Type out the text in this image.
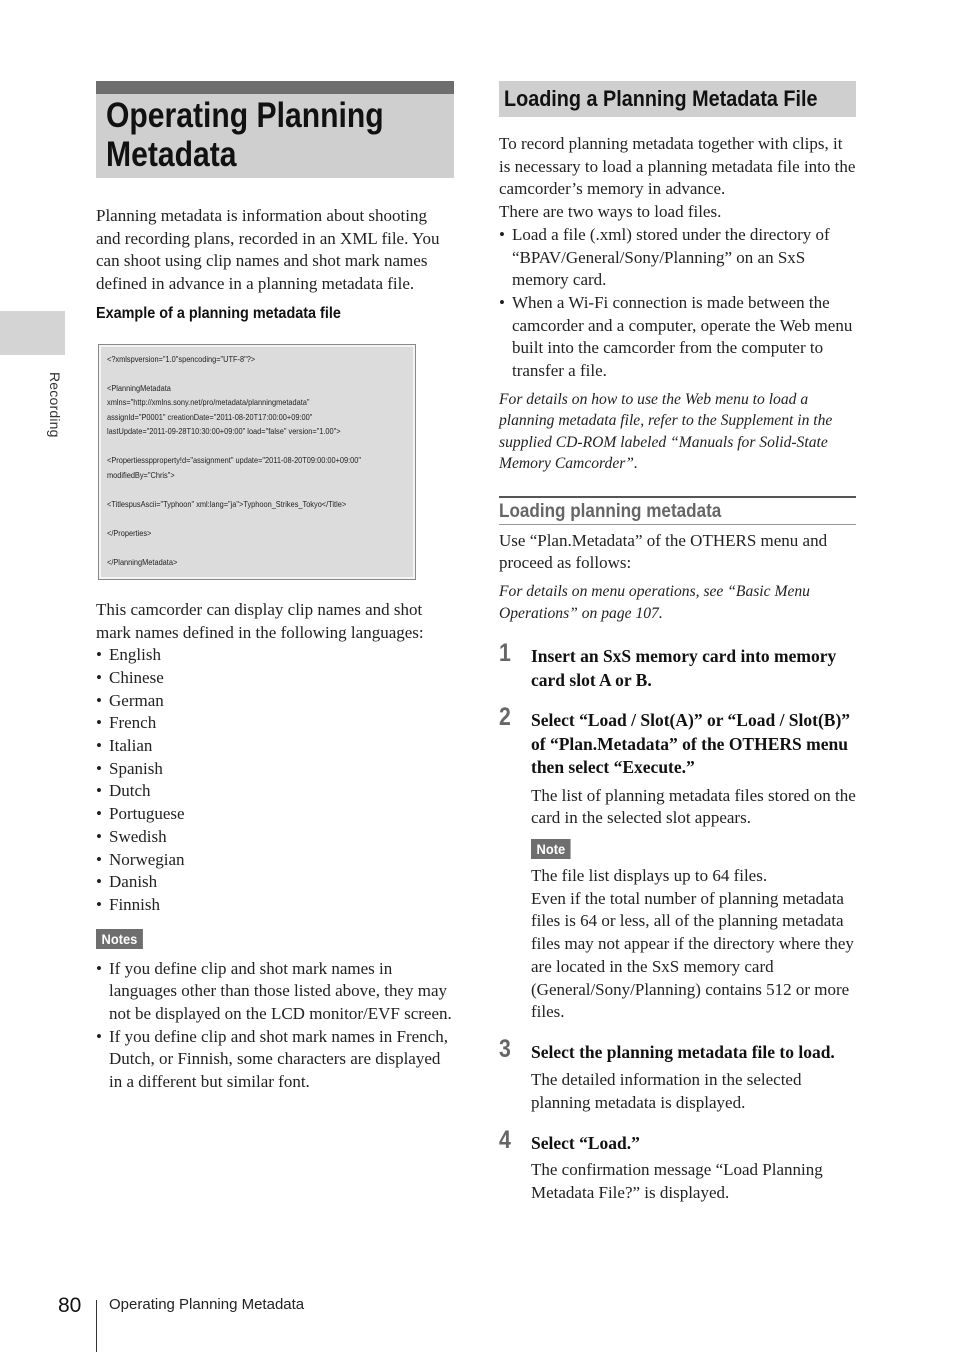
Recording
Operating Planning Metadata

Planning metadata is information about shooting and recording plans, recorded in an XML file. You can shoot using clip names and shot mark names defined in advance in a planning metadata file.

Example of a planning metadata file
<?xmlspversion="1.0"spencoding="UTF-8"?>

<PlanningMetadata
xmlns="http://xmlns.sony.net/pro/metadata/planningmetadata"
assignId="P0001" creationDate="2011-08-20T17:00:00+09:00"
lastUpdate="2011-09-28T10:30:00+09:00" load="false" version="1.00">

<Propertiesspproperty!d="assignment" update="2011-08-20T09:00:00+09:00"
modifiedBy="Chris">

<TitlespusAscii="Typhoon" xml:lang="ja">Typhoon_Strikes_Tokyo</Title>

</Properties>

</PlanningMetadata>

This camcorder can display clip names and shot mark names defined in the following languages:

• English
• Chinese
• German
• French
• Italian
• Spanish
• Dutch
• Portuguese
• Swedish
• Norwegian
• Danish
• Finnish
Notes
• If you define clip and shot mark names in languages other than those listed above, they may not be displayed on the LCD monitor/EVF screen.
• If you define clip and shot mark names in French, Dutch, or Finnish, some characters are displayed in a different but similar font.
Loading a Planning Metadata File

To record planning metadata together with clips, it is necessary to load a planning metadata file into the camcorder’s memory in advance.

There are two ways to load files.

• Load a file (.xml) stored under the directory of “BPAV/General/Sony/Planning” on an SxS memory card.
• When a Wi-Fi connection is made between the camcorder and a computer, operate the Web menu built into the camcorder from the computer to transfer a file.

For details on how to use the Web menu to load a planning metadata file, refer to the Supplement in the supplied CD-ROM labeled “Manuals for Solid-State Memory Camcorder”.

Loading planning metadata

Use “Plan.Metadata” of the OTHERS menu and proceed as follows:

For details on menu operations, see “Basic Menu Operations” on page 107.

1 Insert an SxS memory card into memory card slot A or B.
2 Select “Load / Slot(A)” or “Load / Slot(B)” of “Plan.Metadata” of the OTHERS menu then select “Execute.”

The list of planning metadata files stored on the card in the selected slot appears.

Note

The file list displays up to 64 files.

Even if the total number of planning metadata files is 64 or less, all of the planning metadata files may not appear if the directory where they are located in the SxS memory card (General/Sony/Planning) contains 512 or more files.

3 Select the planning metadata file to load.

The detailed information in the selected planning metadata is displayed.

4 Select “Load.”

The confirmation message “Load Planning Metadata File?” is displayed.

80 Operating Planning Metadata
